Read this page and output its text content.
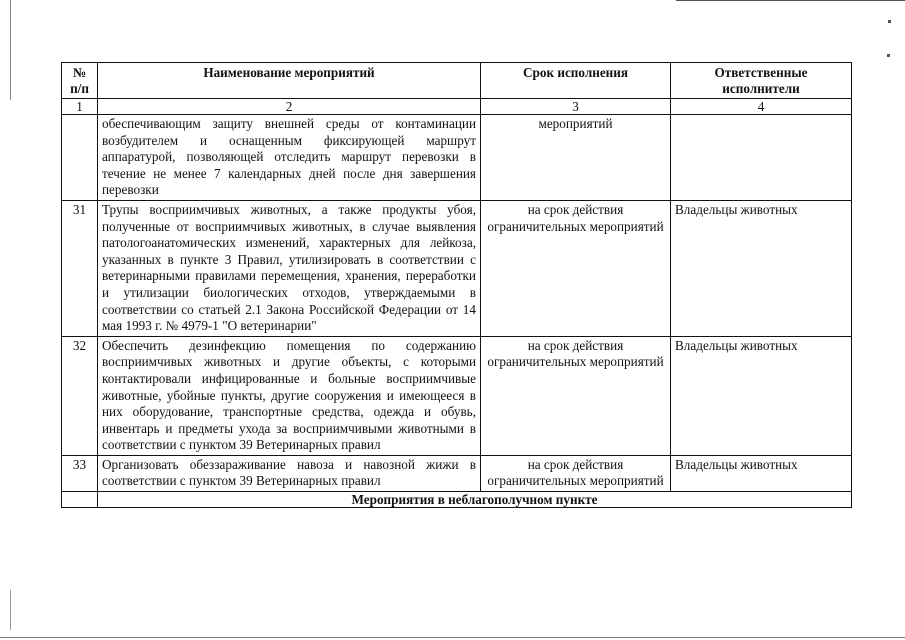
№ п/п	Наименование мероприятий	Срок исполнения	Ответственные исполнители
1	2	3	4
	обеспечивающим защиту внешней среды от контаминации возбудителем и оснащенным фиксирующей маршрут аппаратурой, позволяющей отследить маршрут перевозки в течение не менее 7 календарных дней после дня завершения перевозки	мероприятий	
31	Трупы восприимчивых животных, а также продукты убоя, полученные от восприимчивых животных, в случае выявления патологоанатомических изменений, характерных для лейкоза, указанных в пункте 3 Правил, утилизировать в соответствии с ветеринарными правилами перемещения, хранения, переработки и утилизации биологических отходов, утверждаемыми в соответствии со статьей 2.1 Закона Российской Федерации от 14 мая 1993 г. № 4979-1 "О ветеринарии"	на срок действия ограничительных мероприятий	Владельцы животных
32	Обеспечить дезинфекцию помещения по содержанию восприимчивых животных и другие объекты, с которыми контактировали инфицированные и больные восприимчивые животные, убойные пункты, другие сооружения и имеющееся в них оборудование, транспортные средства, одежда и обувь, инвентарь и предметы ухода за восприимчивыми животными в соответствии с пунктом 39 Ветеринарных правил	на срок действия ограничительных мероприятий	Владельцы животных
33	Организовать обеззараживание навоза и навозной жижи в соответствии с пунктом 39 Ветеринарных правил	на срок действия ограничительных мероприятий	Владельцы животных
	Мероприятия в неблагополучном пункте		
